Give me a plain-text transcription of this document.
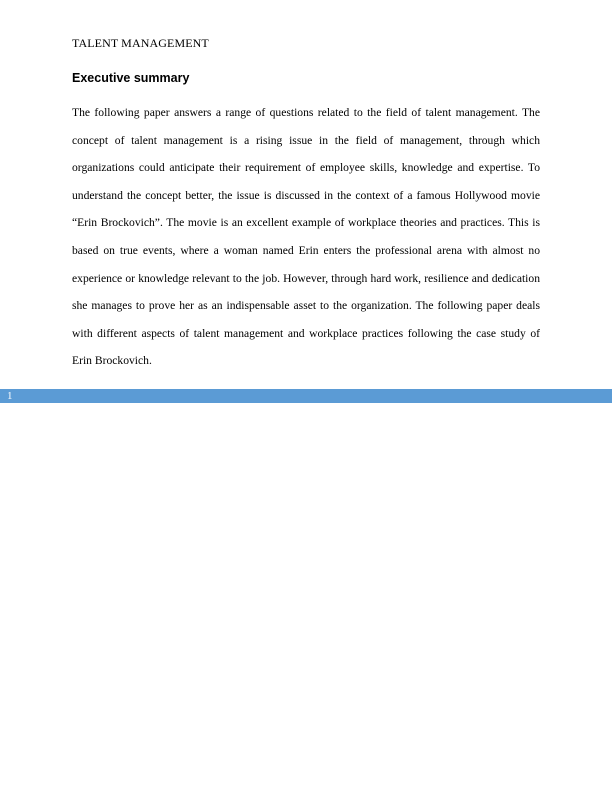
TALENT MANAGEMENT
Executive summary

The following paper answers a range of questions related to the field of talent management. The concept of talent management is a rising issue in the field of management, through which organizations could anticipate their requirement of employee skills, knowledge and expertise. To understand the concept better, the issue is discussed in the context of a famous Hollywood movie “Erin Brockovich”. The movie is an excellent example of workplace theories and practices. This is based on true events, where a woman named Erin enters the professional arena with almost no experience or knowledge relevant to the job. However, through hard work, resilience and dedication she manages to prove her as an indispensable asset to the organization. The following paper deals with different aspects of talent management and workplace practices following the case study of Erin Brockovich.

1
